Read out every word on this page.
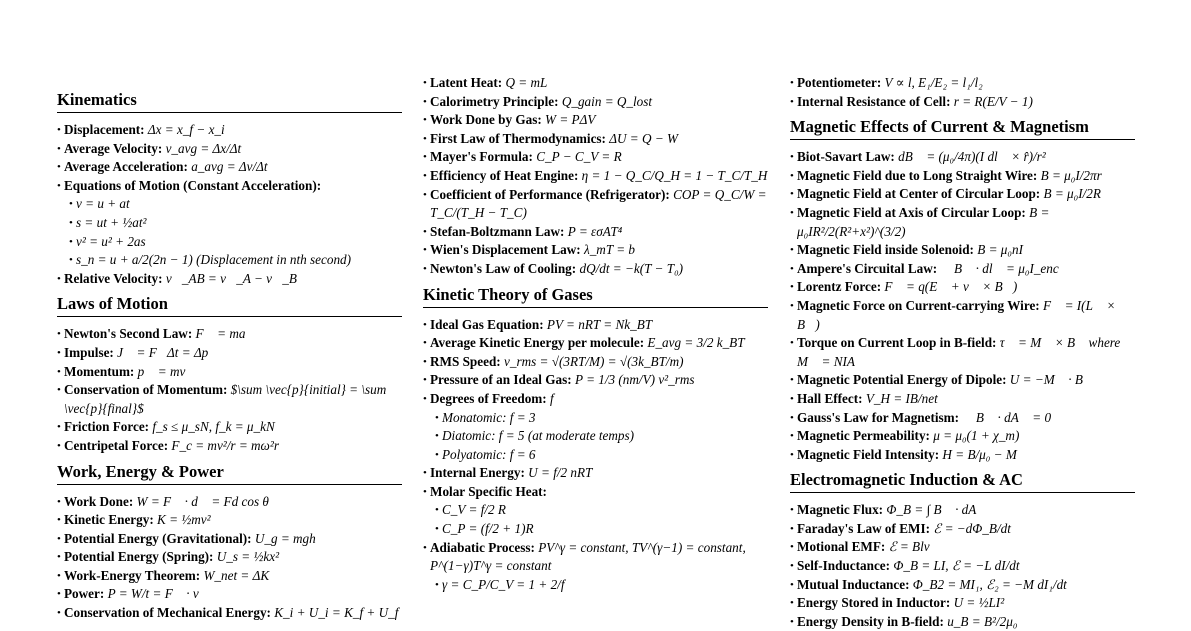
Kinematics
• Displacement: Δx = x_f − x_i
• Average Velocity: v_avg = Δx/Δt
• Average Acceleration: a_avg = Δv/Δt
• Equations of Motion (Constant Acceleration):
• v = u + at
• s = ut + ½at²
• v² = u² + 2as
• s_n = u + a/2(2n − 1) (Displacement in nth second)
• Relative Velocity: v⃗_AB = v⃗_A − v⃗_B
Laws of Motion
• Newton's Second Law: F⃗ = ma⃗
• Impulse: J⃗ = F⃗Δt = Δp⃗
• Momentum: p⃗ = mv⃗
• Conservation of Momentum: $\sum \vec{p}{initial} = \sum \vec{p}{final}$
• Friction Force: f_s ≤ μ_sN, f_k = μ_kN
• Centripetal Force: F_c = mv²/r = mω²r
Work, Energy & Power
• Work Done: W = F⃗ · d⃗ = Fd cos θ
• Kinetic Energy: K = ½mv²
• Potential Energy (Gravitational): U_g = mgh
• Potential Energy (Spring): U_s = ½kx²
• Work-Energy Theorem: W_net = ΔK
• Power: P = W/t = F⃗ · v⃗
• Conservation of Mechanical Energy: K_i + U_i = K_f + U_f
• Latent Heat: Q = mL
• Calorimetry Principle: Q_gain = Q_lost
• Work Done by Gas: W = PΔV
• First Law of Thermodynamics: ΔU = Q − W
• Mayer's Formula: C_P − C_V = R
• Efficiency of Heat Engine: η = 1 − Q_C/Q_H = 1 − T_C/T_H
• Coefficient of Performance (Refrigerator): COP = Q_C/W = T_C/(T_H − T_C)
• Stefan-Boltzmann Law: P = εσAT⁴
• Wien's Displacement Law: λ_mT = b
• Newton's Law of Cooling: dQ/dt = −k(T − T₀)
Kinetic Theory of Gases
• Ideal Gas Equation: PV = nRT = Nk_BT
• Average Kinetic Energy per molecule: E_avg = 3/2 k_BT
• RMS Speed: v_rms = √(3RT/M) = √(3k_BT/m)
• Pressure of an Ideal Gas: P = 1/3 (nm/V) v²_rms
• Degrees of Freedom: f
• Monatomic: f = 3
• Diatomic: f = 5 (at moderate temps)
• Polyatomic: f = 6
• Internal Energy: U = f/2 nRT
• Molar Specific Heat:
• C_V = f/2 R
• C_P = (f/2 + 1)R
• Adiabatic Process: PV^γ = constant, TV^(γ−1) = constant, P^(1−γ)T^γ = constant
• γ = C_P/C_V = 1 + 2/f
• Potentiometer: V ∝ l, E₁/E₂ = l₁/l₂
• Internal Resistance of Cell: r = R(E/V − 1)
Magnetic Effects of Current & Magnetism
• Biot-Savart Law: dB⃗ = (μ₀/4π)(I dl⃗ × r̂)/r²
• Magnetic Field due to Long Straight Wire: B = μ₀I/2πr
• Magnetic Field at Center of Circular Loop: B = μ₀I/2R
• Magnetic Field at Axis of Circular Loop: B = μ₀IR²/2(R²+x²)^(3/2)
• Magnetic Field inside Solenoid: B = μ₀nI
• Ampere's Circuital Law: ∮ B⃗ · dl⃗ = μ₀I_enc
• Lorentz Force: F⃗ = q(E⃗ + v⃗ × B⃗)
• Magnetic Force on Current-carrying Wire: F⃗ = I(L⃗ × B⃗)
• Torque on Current Loop in B-field: τ⃗ = M⃗ × B⃗ where M⃗ = NIA⃗
• Magnetic Potential Energy of Dipole: U = −M⃗ · B⃗
• Hall Effect: V_H = IB/net
• Gauss's Law for Magnetism: ∮ B⃗ · dA⃗ = 0
• Magnetic Permeability: μ = μ₀(1 + χ_m)
• Magnetic Field Intensity: H = B/μ₀ − M
Electromagnetic Induction & AC
• Magnetic Flux: Φ_B = ∫ B⃗ · dA⃗
• Faraday's Law of EMI: ℰ = −dΦ_B/dt
• Motional EMF: ℰ = Blv
• Self-Inductance: Φ_B = LI, ℰ = −L dI/dt
• Mutual Inductance: Φ_B2 = MI₁, ℰ₂ = −M dI₁/dt
• Energy Stored in Inductor: U = ½LI²
• Energy Density in B-field: u_B = B²/2μ₀
